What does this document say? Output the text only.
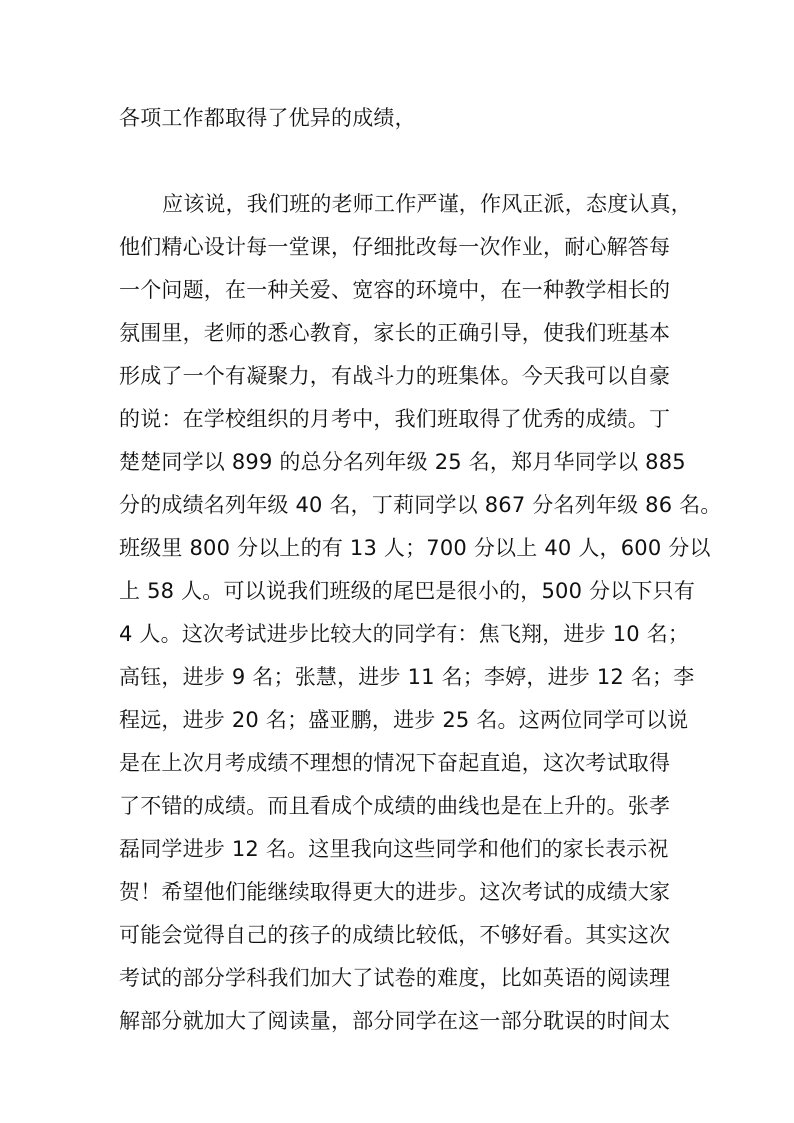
各项工作都取得了优异的成绩，
应该说，我们班的老师工作严谨，作风正派，态度认真，
他们精心设计每一堂课，仔细批改每一次作业，耐心解答每
一个问题，在一种关爱、宽容的环境中，在一种教学相长的
氛围里，老师的悉心教育，家长的正确引导，使我们班基本
形成了一个有凝聚力，有战斗力的班集体。今天我可以自豪
的说：在学校组织的月考中，我们班取得了优秀的成绩。丁
楚楚同学以 899 的总分名列年级 25 名，郑月华同学以 885
分的成绩名列年级 40 名，丁莉同学以 867 分名列年级 86 名。
班级里 800 分以上的有 13 人；700 分以上 40 人，600 分以
上 58 人。可以说我们班级的尾巴是很小的，500 分以下只有
4 人。这次考试进步比较大的同学有：焦飞翔，进步 10 名；
高钰，进步 9 名；张慧，进步 11 名；李婷，进步 12 名；李
程远，进步 20 名；盛亚鹏，进步 25 名。这两位同学可以说
是在上次月考成绩不理想的情况下奋起直追，这次考试取得
了不错的成绩。而且看成个成绩的曲线也是在上升的。张孝
磊同学进步 12 名。这里我向这些同学和他们的家长表示祝
贺！希望他们能继续取得更大的进步。这次考试的成绩大家
可能会觉得自己的孩子的成绩比较低，不够好看。其实这次
考试的部分学科我们加大了试卷的难度，比如英语的阅读理
解部分就加大了阅读量，部分同学在这一部分耽误的时间太
